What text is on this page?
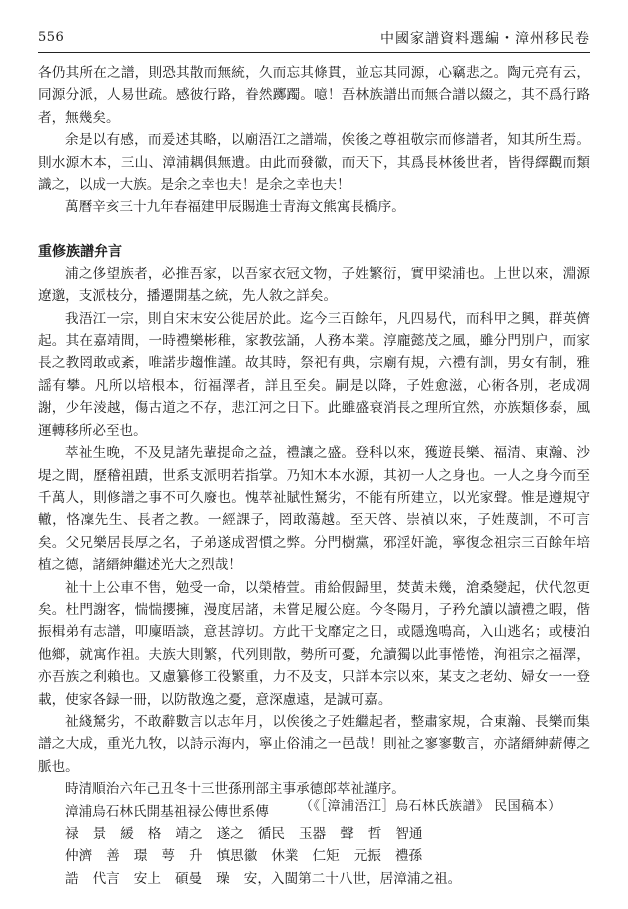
556	中國家譜資料選編・漳州移民卷

各仍其所在之譜，則恐其散而無統，久而忘其條貫，並忘其同源，心竊悲之。陶元亮有云，同源分派，人易世疏。感彼行路，眷然躑躅。噫！吾林族譜出而無合譜以綴之，其不爲行路者，無幾矣。

余是以有感，而爰述其略，以廟浯江之譜端，俟後之尊祖敬宗而修譜者，知其所生焉。則水源木本，三山、漳浦耦俱無遺。由此而發徽，而天下，其爲長林後世者，皆得繹觀而類識之，以成一大族。是余之幸也夫！是余之幸也夫！

萬曆辛亥三十九年春福建甲辰賜進士青海文熊寓長橋序。

重修族譜弁言

浦之侈望族者，必推吾家，以吾家衣冠文物，子姓繁衍，實甲梁浦也。上世以來，淵源遼邈，支派枝分，播遷開基之統，先人敘之詳矣。

我浯江一宗，則自宋末安公徙居於此。迄今三百餘年，凡四易代，而科甲之興，群英儕起。其在嘉靖間，一時禮樂彬稚，家教弦誦，人務本業。淳龐懿茂之風，雖分門別户，而家長之教罔敢或紊，唯諾步趨惟謹。故其時，祭祀有典，宗廟有規，六禮有訓，男女有制，雅謡有攀。凡所以培根本，衍福澤者，詳且至矣。嗣是以降，子姓愈滋，心術各別，老成凋謝，少年淩越，傷古道之不存，悲江河之日下。此雖盛衰消長之理所宜然，亦族類侈泰，風運轉移所必至也。

萃祉生晚，不及見諸先輩提命之益，禮讓之盛。登科以來，獲遊長樂、福清、東瀚、沙堤之間，歷稽祖蹟，世系支派明若指掌。乃知木本水源，其初一人之身也。一人之身今而至千萬人，則修譜之事不可久廢也。愧萃祉賦性駑劣，不能有所建立，以光家聲。惟是遵規守轍，恪凜先生、長者之教。一經課子，罔敢蕩越。至天啓、崇禎以來，子姓蔑訓，不可言矣。父兄樂居長厚之名，子弟遂成習慣之弊。分門樹黨，邪淫奸詭，寧復念祖宗三百餘年培植之德，諸縉紳繼述光大之烈哉！

祉十上公車不售，勉受一命，以榮椿萱。甫給假歸里，焚黃未幾，滄桑變起，伏代忽更矣。杜門謝客，惴惴攖擁，漫度居諸，未嘗足履公庭。今冬陽月，子矜允讀以讀禮之暇，偕振楫弟有志譜，叩廩晤談，意甚諄切。方此干戈靡定之日，或隱逸鳴高，入山逃名；或棲泊他鄉，就寓作祖。夫族大則繁，代列則散，勢所可憂，允讀獨以此事惓惓，洵祖宗之福澤，亦吾族之利賴也。又慮纂修工役繁重，力不及支，只詳本宗以來，某支之老幼、婦女一一登載，使家各録一冊，以防散逸之憂，意深慮遠，是誠可嘉。

祉綫駑劣，不敢辭數言以志年月，以俟後之子姓繼起者，整肅家規，合東瀚、長樂而集譜之大成，重光九牧，以詩示海内，寧止俗浦之一邑哉！則祉之寥寥數言，亦諸縉紳薪傳之脈也。

時清順治六年己丑冬十三世孫刑部主事承德郎萃祉謹序。

漳浦烏石林氏開基祖禄公傳世系傳

禄 景 緩 格 靖之 遂之 循民 玉器 聲 哲 智通
仲濟 善 璟 萼 升 慎思徽 休業 仁矩 元振 禮孫
誥 代言 安上 碩曼 璪 安，入閩第二十八世，居漳浦之祖。
（《［漳浦浯江］烏石林氏族譜》 民国稿本）
